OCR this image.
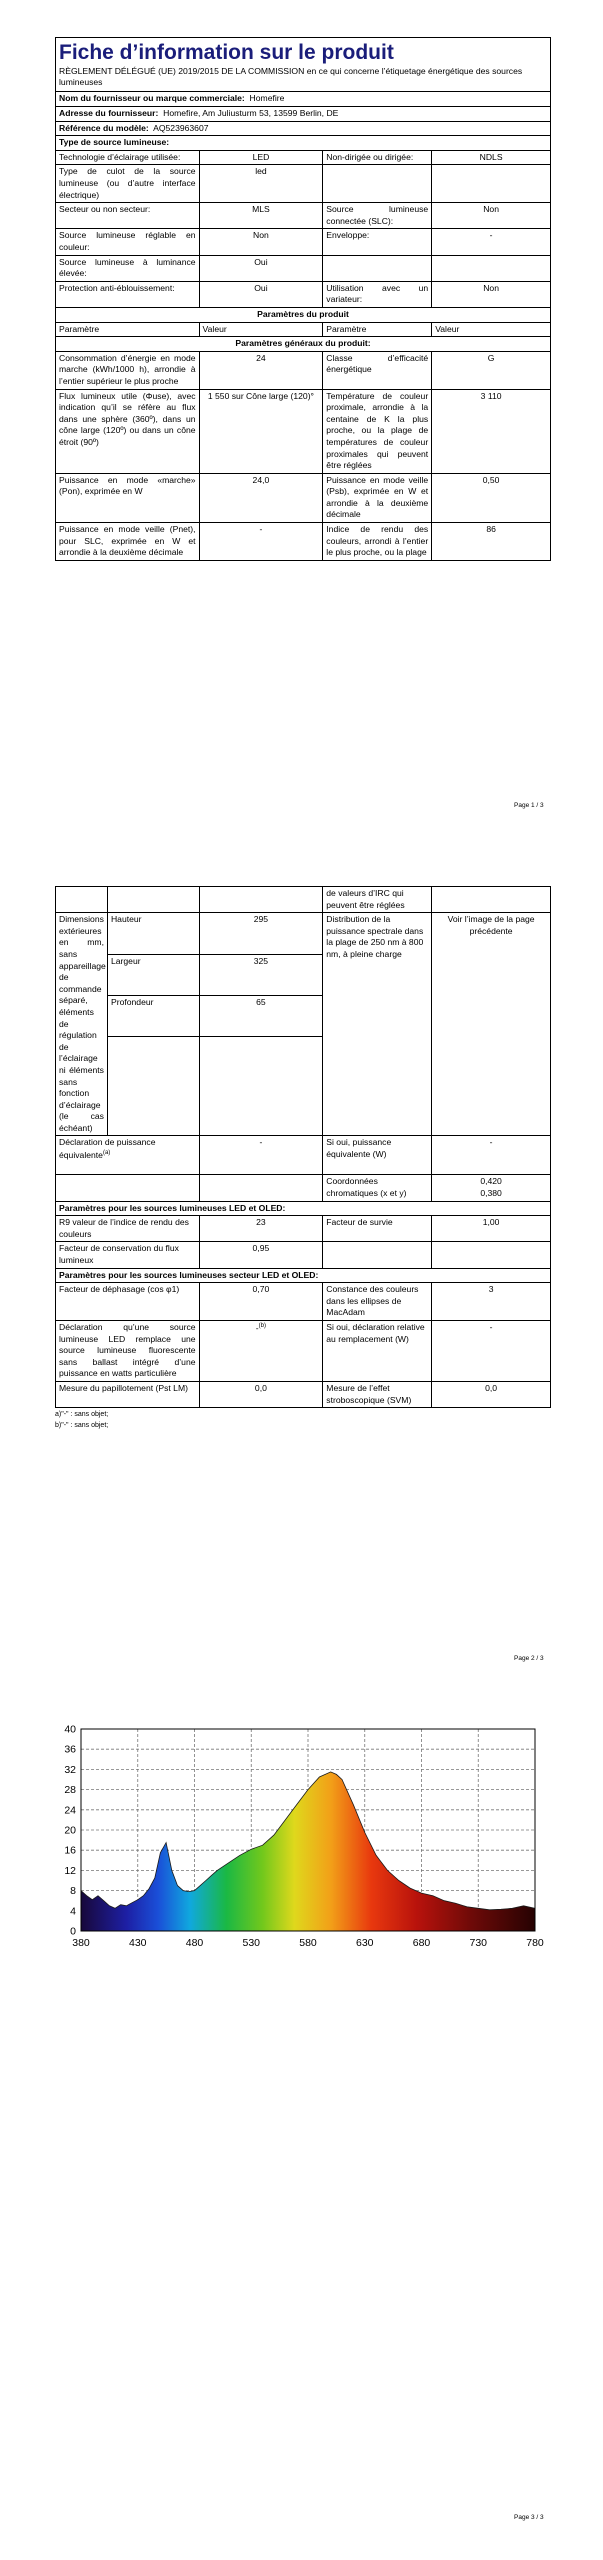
Fiche d’information sur le produit
RÈGLEMENT DÉLÉGUÉ (UE) 2019/2015 DE LA COMMISSION en ce qui concerne l’étiquetage énergétique des sources lumineuses

Nom du fournisseur ou marque commerciale: Homefire
Adresse du fournisseur: Homefire, Am Juliusturm 53, 13599 Berlin, DE
Référence du modèle: AQ523963607
Type de source lumineuse:
Technologie d’éclairage utilisée:	LED	Non-dirigée ou dirigée:	NDLS
Type de culot de la source lumineuse (ou d’autre interface électrique)	led		
Secteur ou non secteur:	MLS	Source lumineuse connectée (SLC):	Non
Source lumineuse réglable en couleur:	Non	Enveloppe:	-
Source lumineuse à luminance élevée:	Oui		
Protection anti-éblouissement:	Oui	Utilisation avec un variateur:	Non
Paramètres du produit			
Paramètre	Valeur	Paramètre	Valeur
Paramètres généraux du produit:			
Consommation d’énergie en mode marche (kWh/1000 h), arrondie à l’entier supérieur le plus proche	24	Classe d’efficacité énergétique	G
Flux lumineux utile (Φuse), avec indication qu’il se réfère au flux dans une sphère (360º), dans un cône large (120º) ou dans un cône étroit (90º)	1 550 sur Cône large (120)°	Température de couleur proximale, arrondie à la centaine de K la plus proche, ou la plage de températures de couleur proximales qui peuvent être réglées	3 110
Puissance en mode «marche» (Pon), exprimée en W	24,0	Puissance en mode veille (Psb), exprimée en W et arrondie à la deuxième décimale	0,50
Puissance en mode veille (Pnet), pour SLC, exprimée en W et arrondie à la deuxième décimale	-	Indice de rendu des couleurs, arrondi à l’entier le plus proche, ou la plage	86
Page 1 / 3
			de valeurs d’IRC qui peuvent être réglées	
Dimensions extérieures en mm, sans appareillage de commande séparé, éléments de régulation de l’éclairage ni éléments sans fonction d’éclairage (le cas échéant)	Hauteur	295	Distribution de la puissance spectrale dans la plage de 250 nm à 800 nm, à pleine charge	Voir l’image de la page précédente
	Largeur	325		
	Profondeur	65		

Déclaration de puissance équivalente$^{(a)}$		-	Si oui, puissance équivalente (W)	-
			Coordonnées chromatiques (x et y)	0,420
0,380

Paramètres pour les sources lumineuses LED et OLED:				
R9 valeur de l’indice de rendu des couleurs		23	Facteur de survie	1,00
Facteur de conservation du flux lumineux		0,95		
Paramètres pour les sources lumineuses secteur LED et OLED:				
Facteur de déphasage (cos φ1)		0,70	Constance des couleurs dans les ellipses de MacAdam	3
Déclaration qu’une source lumineuse LED remplace une source lumineuse fluorescente sans ballast intégré d’une puissance en watts particulière		-$^{(b)}$	Si oui, déclaration relative au remplacement (W)	-
Mesure du papillotement (Pst LM)		0,0	Mesure de l’effet stroboscopique (SVM)	0,0
a)"-" : sans objet;
b)"-" : sans objet;
Page 2 / 3
0
4
8
12
16
20
24
28
32
36
40
380	430	480	530	580	630	680	730	780
Page 3 / 3
